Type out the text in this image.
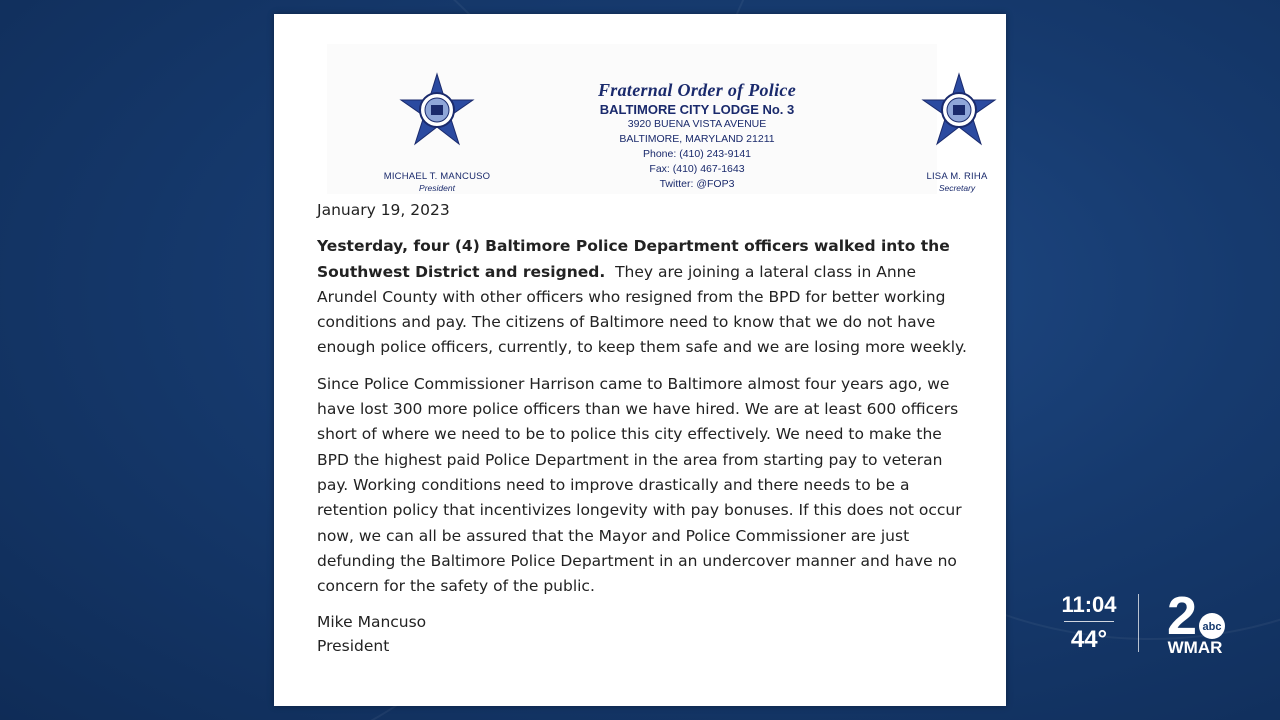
MICHAEL T. MANCUSO
President
LISA M. RIHA
Secretary
Fraternal Order of Police
BALTIMORE CITY LODGE No. 3
3920 BUENA VISTA AVENUE
BALTIMORE, MARYLAND 21211
Phone: (410) 243-9141
Fax: (410) 467-1643
Twitter: @FOP3
January 19, 2023
Yesterday, four (4) Baltimore Police Department officers walked into the Southwest District and resigned. They are joining a lateral class in Anne Arundel County with other officers who resigned from the BPD for better working conditions and pay. The citizens of Baltimore need to know that we do not have enough police officers, currently, to keep them safe and we are losing more weekly.
Since Police Commissioner Harrison came to Baltimore almost four years ago, we have lost 300 more police officers than we have hired. We are at least 600 officers short of where we need to be to police this city effectively. We need to make the BPD the highest paid Police Department in the area from starting pay to veteran pay. Working conditions need to improve drastically and there needs to be a retention policy that incentivizes longevity with pay bonuses. If this does not occur now, we can all be assured that the Mayor and Police Commissioner are just defunding the Baltimore Police Department in an undercover manner and have no concern for the safety of the public.
Mike Mancuso
President
11:04
44° 2 abc
WMAR
